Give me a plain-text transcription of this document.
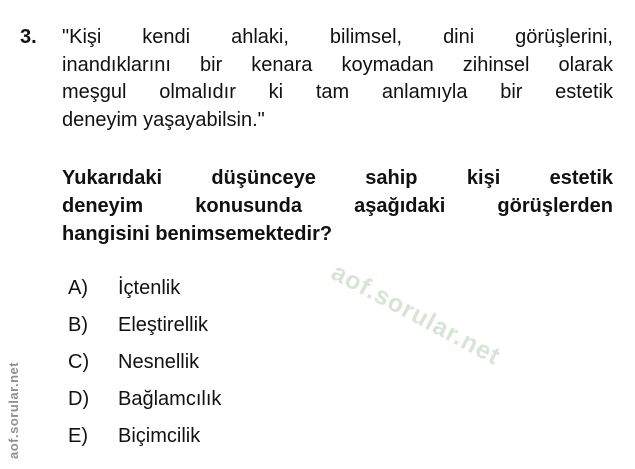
3. "Kişi kendi ahlaki, bilimsel, dini görüşlerini,
inandıklarını bir kenara koymadan zihinsel olarak
meşgul olmalıdır ki tam anlamıyla bir estetik
deneyim yaşayabilsin."
Yukarıdaki düşünceye sahip kişi estetik
deneyim konusunda aşağıdaki görüşlerden
hangisini benimsemektedir?
A)	İçtenlik
B)	Eleştirellik
C)	Nesnellik
D)	Bağlamcılık
E)	Biçimcilik
aof.sorular.net
aof.sorular.net
